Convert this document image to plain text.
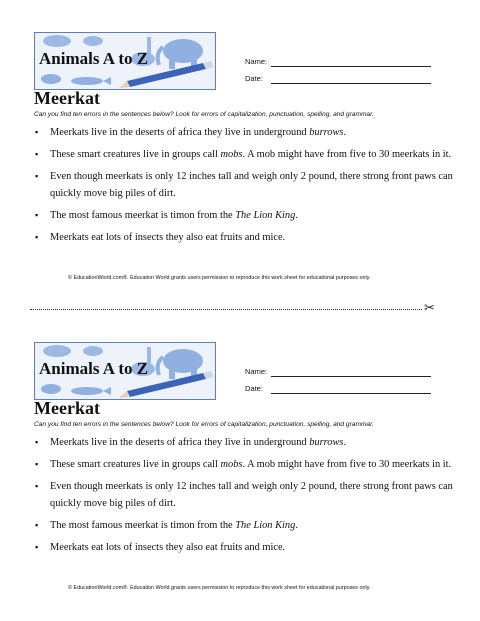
Animals A to Z	Name:
Date:
Meerkat
Can you find ten errors in the sentences below? Look for errors of capitalization, punctuation, spelling, and grammar.
▪ Meerkats live in the deserts of africa they live in underground burrows.
▪ These smart creatures live in groups call mobs. A mob might have from five to 30 meerkats in it.
▪ Even though meerkats is only 12 inches tall and weigh only 2 pound, there strong front paws can quickly move big piles of dirt.
▪ The most famous meerkat is timon from the The Lion King.
▪ Meerkats eat lots of insects they also eat fruits and mice.
© EducationWorld.com®. Education World grants users permission to reproduce this work sheet for educational purposes only.
✂
Animals A to Z	Name:
Date:
Meerkat
Can you find ten errors in the sentences below? Look for errors of capitalization, punctuation, spelling, and grammar.
▪ Meerkats live in the deserts of africa they live in underground burrows.
▪ These smart creatures live in groups call mobs. A mob might have from five to 30 meerkats in it.
▪ Even though meerkats is only 12 inches tall and weigh only 2 pound, there strong front paws can quickly move big piles of dirt.
▪ The most famous meerkat is timon from the The Lion King.
▪ Meerkats eat lots of insects they also eat fruits and mice.
© EducationWorld.com®. Education World grants users permission to reproduce this work sheet for educational purposes only.
